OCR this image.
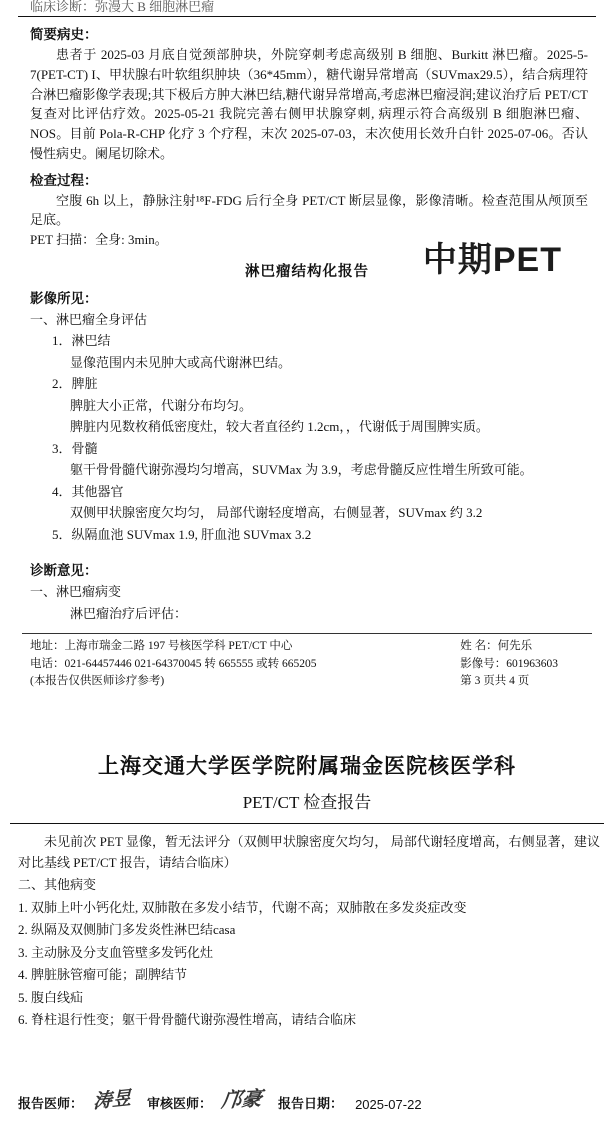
临床诊断：弥漫大 B 细胞淋巴瘤
简要病史：
患者于 2025-03 月底自觉颈部肿块，外院穿刺考虑高级别 B 细胞、Burkitt 淋巴瘤。2025-5-7(PET-CT) I、甲状腺右叶软组织肿块（36*45mm），糖代谢异常增高（SUVmax29.5），结合病理符合淋巴瘤影像学表现;其下极后方肿大淋巴结,糖代谢异常增高,考虑淋巴瘤浸润;建议治疗后 PET/CT 复查对比评估疗效。2025-05-21 我院完善右侧甲状腺穿刺, 病理示符合高级别 B 细胞淋巴瘤、NOS。目前 Pola-R-CHP 化疗 3 个疗程，末次 2025-07-03，末次使用长效升白针 2025-07-06。否认慢性病史。阑尾切除术。
检查过程：
空腹 6h 以上，静脉注射¹⁸F-FDG 后行全身 PET/CT 断层显像，影像清晰。检查范围从颅顶至足底。
PET 扫描：全身: 3min。
淋巴瘤结构化报告
影像所见：
一、淋巴瘤全身评估
1．淋巴结
显像范围内未见肿大或高代谢淋巴结。
2．脾脏
脾脏大小正常，代谢分布均匀。
脾脏内见数枚稍低密度灶，较大者直径约 1.2cm，，代谢低于周围脾实质。
3．骨髓
躯干骨骨髓代谢弥漫均匀增高，SUVMax 为 3.9，考虑骨髓反应性增生所致可能。
4．其他器官
双侧甲状腺密度欠均匀， 局部代谢轻度增高，右侧显著，SUVmax 约 3.2
5．纵隔血池 SUVmax 1.9, 肝血池 SUVmax 3.2
诊断意见：
一、淋巴瘤病变
淋巴瘤治疗后评估：
中期PET
地址：上海市瑞金二路 197 号核医学科 PET/CT 中心
电话：021-64457446 021-64370045 转 665555 或转 665205
(本报告仅供医师诊疗参考)
姓 名：何先乐
影像号：601963603
第 3 页共 4 页
上海交通大学医学院附属瑞金医院核医学科
PET/CT 检查报告
未见前次 PET 显像，暂无法评分（双侧甲状腺密度欠均匀， 局部代谢轻度增高，右侧显著，建议对比基线 PET/CT 报告，请结合临床）
二、其他病变
1. 双肺上叶小钙化灶, 双肺散在多发小结节，代谢不高；双肺散在多发炎症改变
2. 纵隔及双侧肺门多发炎性淋巴结casa
3. 主动脉及分支血管壁多发钙化灶
4. 脾脏脉管瘤可能；副脾结节
5. 腹白线疝
6. 脊柱退行性变；躯干骨骨髓代谢弥漫性增高，请结合临床
报告医师： 涛昱	审核医师： 邝豪	报告日期： 2025-07-22
